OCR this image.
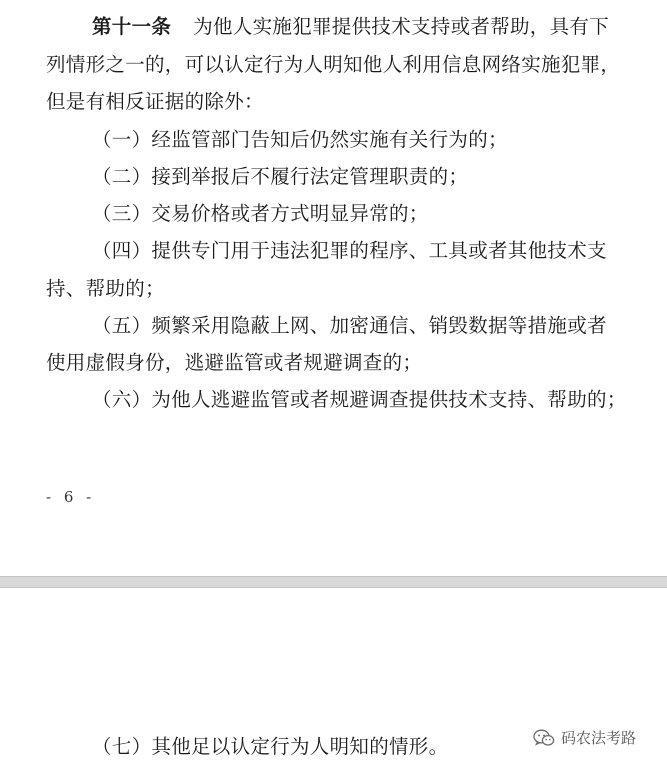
第十一条 为他人实施犯罪提供技术支持或者帮助，具有下
列情形之一的，可以认定行为人明知他人利用信息网络实施犯罪，
但是有相反证据的除外：
（一）经监管部门告知后仍然实施有关行为的；
（二）接到举报后不履行法定管理职责的；
（三）交易价格或者方式明显异常的；
（四）提供专门用于违法犯罪的程序、工具或者其他技术支
持、帮助的；
（五）频繁采用隐蔽上网、加密通信、销毁数据等措施或者
使用虚假身份，逃避监管或者规避调查的；
（六）为他人逃避监管或者规避调查提供技术支持、帮助的；
- 6 -
（七）其他足以认定行为人明知的情形。	码农法考路
